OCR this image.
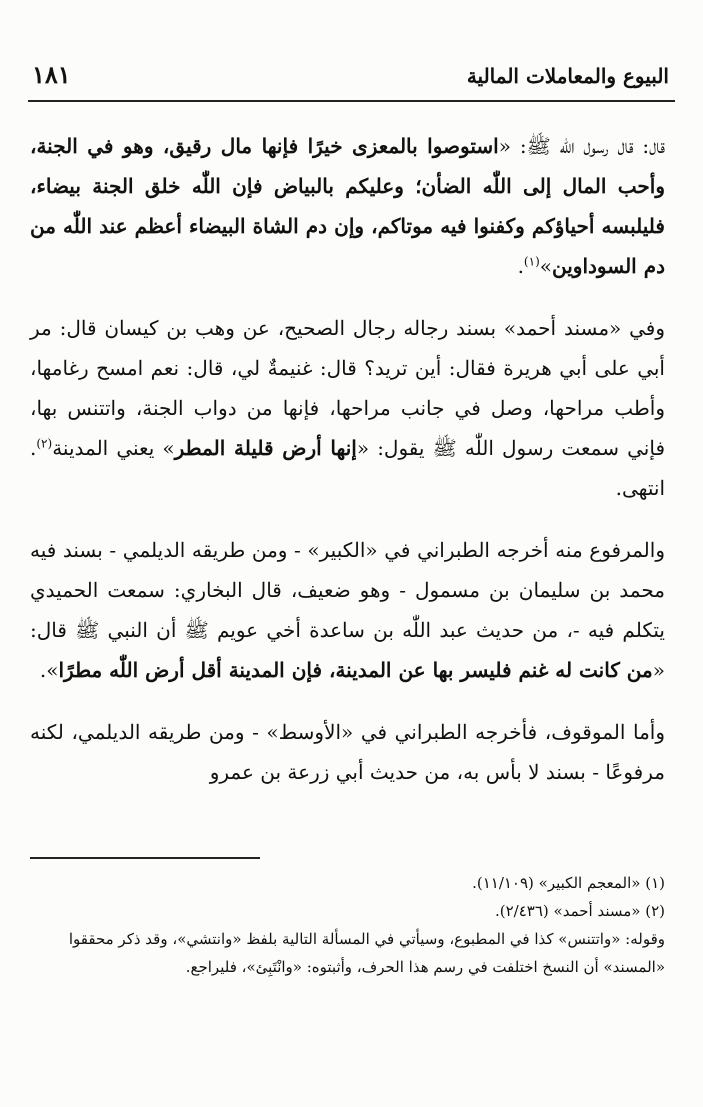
البيوع والمعاملات المالية
١٨١

قال: قال رسول اللّٰه ﷺ: «استوصوا بالمعزى خيرًا فإنها مال رقيق، وهو في الجنة، وأحب المال إلى اللّٰه الضأن؛ وعليكم بالبياض فإن اللّٰه خلق الجنة بيضاء، فليلبسه أحياؤكم وكفنوا فيه موتاكم، وإن دم الشاة البيضاء أعظم عند اللّٰه من دم السوداوين»$^{(١)}$.

وفي «مسند أحمد» بسند رجاله رجال الصحيح، عن وهب بن كيسان قال: مر أبي على أبي هريرة فقال: أين تريد؟ قال: غنيمةٌ لي، قال: نعم امسح رغامها، وأطب مراحها، وصل في جانب مراحها، فإنها من دواب الجنة، واتتنس بها، فإني سمعت رسول اللّٰه ﷺ يقول: «إنها أرض قليلة المطر» يعني المدينة$^{(٢)}$. انتهى.

والمرفوع منه أخرجه الطبراني في «الكبير» - ومن طريقه الديلمي - بسند فيه محمد بن سليمان بن مسمول - وهو ضعيف، قال البخاري: سمعت الحميدي يتكلم فيه -، من حديث عبد اللّٰه بن ساعدة أخي عويم ﷺ أن النبي ﷺ قال: «من كانت له غنم فليسر بها عن المدينة، فإن المدينة أقل أرض اللّٰه مطرًا».

وأما الموقوف، فأخرجه الطبراني في «الأوسط» - ومن طريقه الديلمي، لكنه مرفوعًا - بسند لا بأس به، من حديث أبي زرعة بن عمرو

(١) «المعجم الكبير» (١١/١٠٩).

(٢) «مسند أحمد» (٢/٤٣٦).

وقوله: «واتتنس» كذا في المطبوع، وسيأتي في المسألة التالية بلفظ «وانتشي»، وقد ذكر محققوا «المسند» أن النسخ اختلفت في رسم هذا الحرف، وأثبتوه: «وانْتَبِئ»، فليراجع.
